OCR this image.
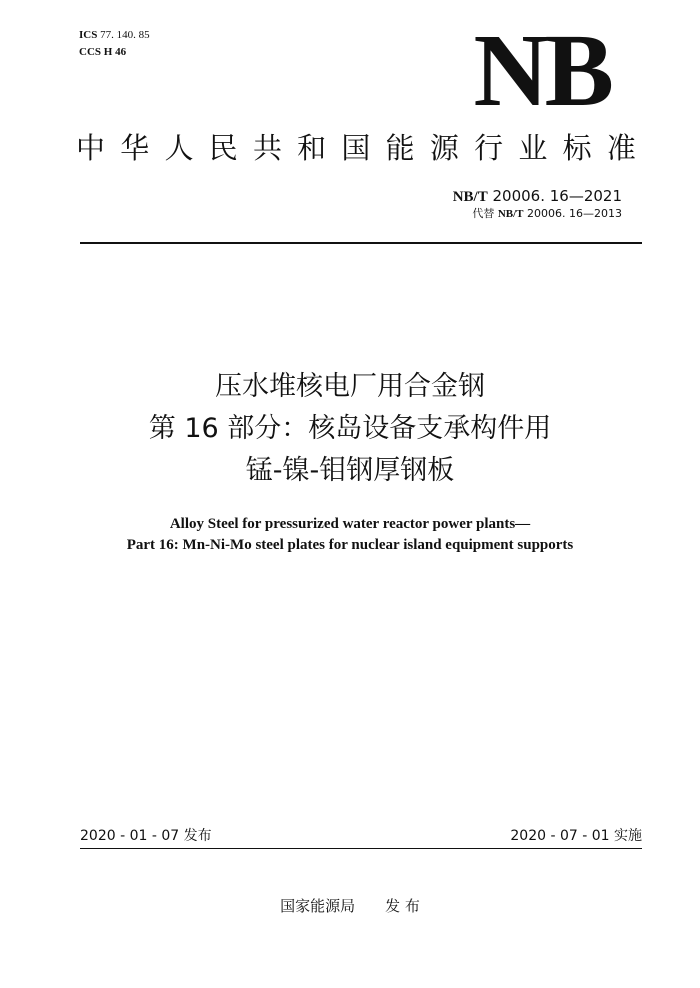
ICS 77. 140. 85
CCS H 46	NB
中 华 人 民 共 和 国 能 源 行 业 标 准
NB/T 20006. 16—2021
代替 NB/T 20006. 16—2013
压水堆核电厂用合金钢
第 16 部分：核岛设备支承构件用
锰-镍-钼钢厚钢板
Alloy Steel for pressurized water reactor power plants—
Part 16: Mn-Ni-Mo steel plates for nuclear island equipment supports
2020 - 01 - 07 发布	2020 - 07 - 01 实施
国家能源局 发 布
